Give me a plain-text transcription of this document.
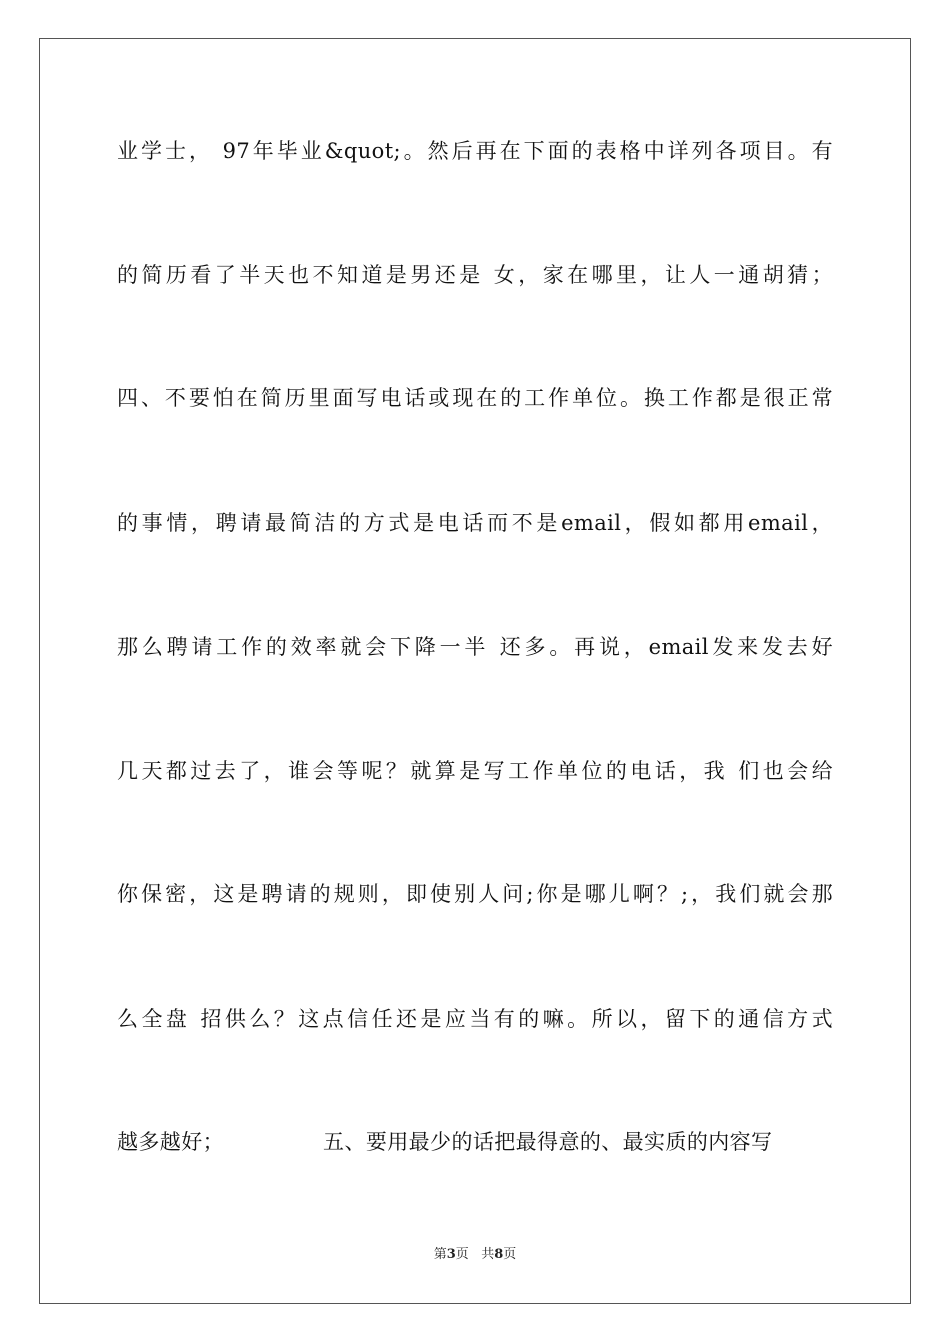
业学士， 97年毕业&quot;。然后再在下面的表格中详列各项目。有
的简历看了半天也不知道是男还是 女，家在哪里，让人一通胡猜；
四、不要怕在简历里面写电话或现在的工作单位。换工作都是很正常
的事情，聘请最简洁的方式是电话而不是email，假如都用email，
那么聘请工作的效率就会下降一半 还多。再说，email发来发去好
几天都过去了，谁会等呢？就算是写工作单位的电话，我 们也会给
你保密，这是聘请的规则，即使别人问;你是哪儿啊？;，我们就会那
么全盘 招供么？这点信任还是应当有的嘛。所以，留下的通信方式
越多越好；              五、要用最少的话把最得意的、最实质的内容写
第3页 共8页
